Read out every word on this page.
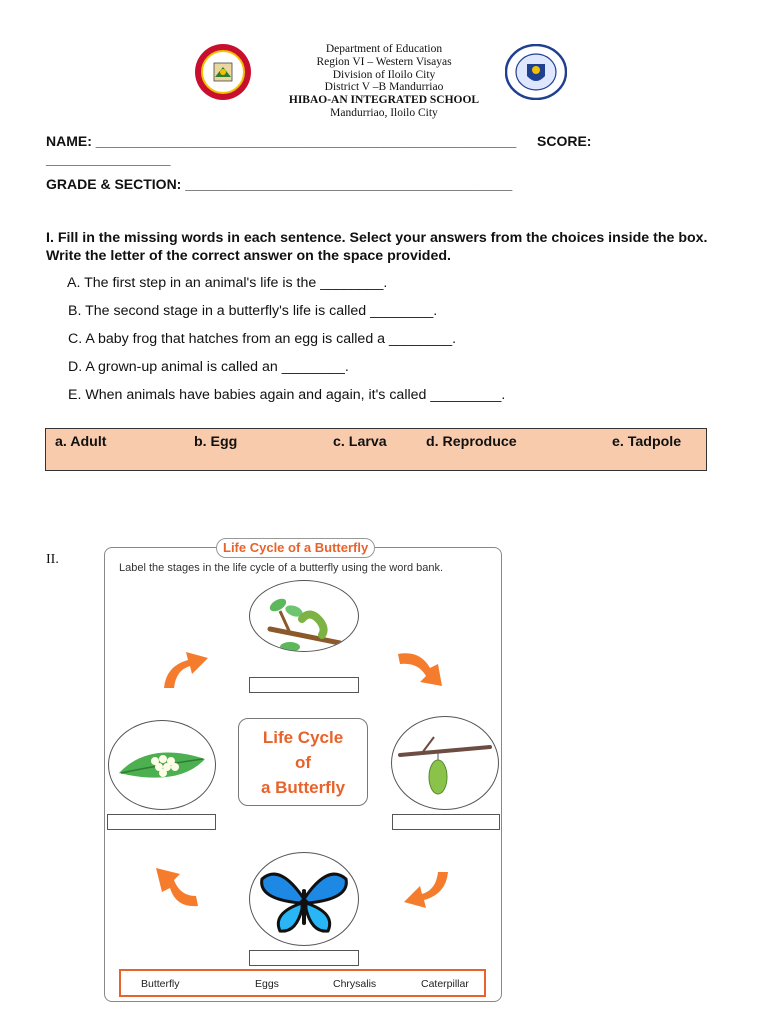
Department of Education
Region VI – Western Visayas
Division of Iloilo City
District V –B Mandurriao
HIBAO-AN INTEGRATED SCHOOL
Mandurriao, Iloilo City
NAME: ______________________________________________________ SCORE:
________________
GRADE & SECTION: __________________________________________
I. Fill in the missing words in each sentence. Select your answers from the choices inside the box. Write the letter of the correct answer on the space provided.
A. The first step in an animal's life is the ________.
B. The second stage in a butterfly's life is called ________.
C. A baby frog that hatches from an egg is called a ________.
D. A grown-up animal is called an ________.
E. When animals have babies again and again, it's called _________.
a. Adult	b. Egg	c. Larva	d. Reproduce	e. Tadpole
II.
Life Cycle of a Butterfly
Label the stages in the life cycle of a butterfly using the word bank.
Life Cycle
of
a Butterfly
Butterfly	Eggs	Chrysalis	Caterpillar
